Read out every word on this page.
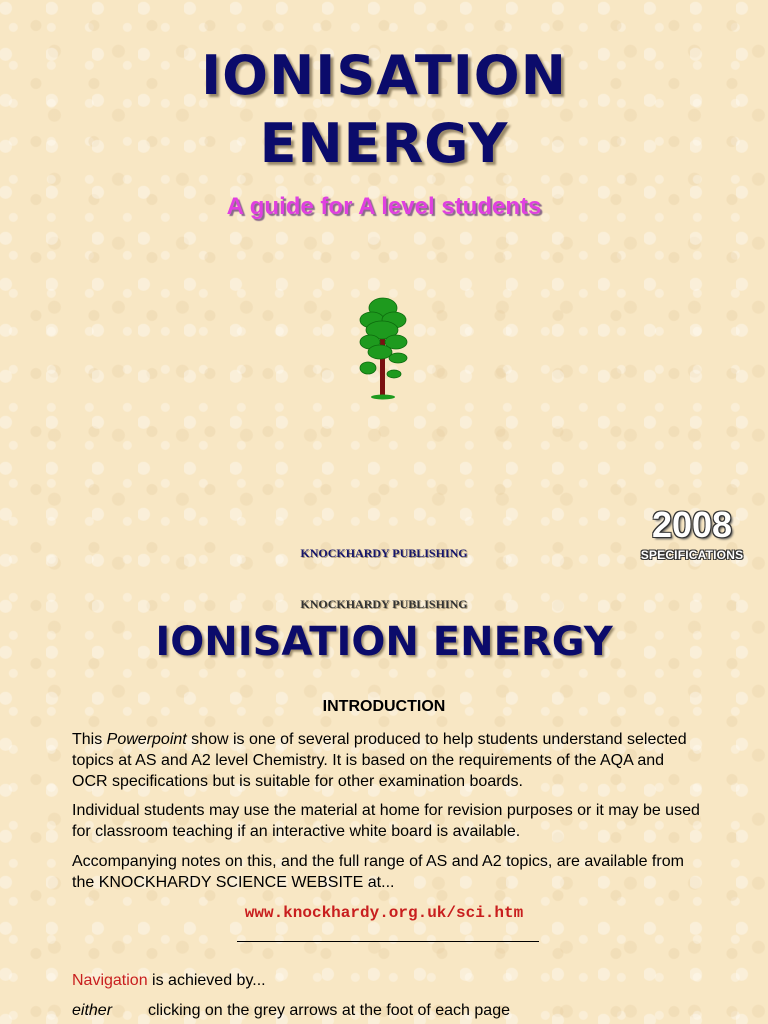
IONISATION
ENERGY
A guide for A level students
2008
SPECIFICATIONS
KNOCKHARDY PUBLISHING
KNOCKHARDY PUBLISHING
IONISATION ENERGY
INTRODUCTION

This Powerpoint show is one of several produced to help students understand selected topics at AS and A2 level Chemistry. It is based on the requirements of the AQA and OCR specifications but is suitable for other examination boards.

Individual students may use the material at home for revision purposes or it may be used for classroom teaching if an interactive white board is available.

Accompanying notes on this, and the full range of AS and A2 topics, are available from the KNOCKHARDY SCIENCE WEBSITE at...

www.knockhardy.org.uk/sci.htm
Navigation is achieved by...
either clicking on the grey arrows at the foot of each page
